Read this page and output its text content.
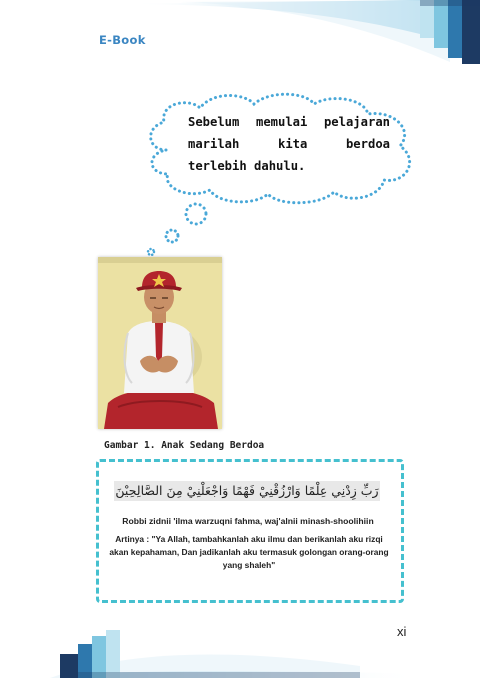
E-Book
Sebelum memulai pelajaran marilah kita berdoa terlebih dahulu.
Gambar 1. Anak Sedang Berdoa
رَبِّ زِدْنِي عِلْمًا وَارْزُقْنِيْ فَهْمًا وَاجْعَلْنِيْ مِنَ الصَّالِحِيْنَ
Robbi zidnii 'ilma warzuqni fahma, waj'alnii minash-shoolihiin
Artinya : "Ya Allah, tambahkanlah aku ilmu dan berikanlah aku rizqi akan kepahaman, Dan jadikanlah aku termasuk golongan orang-orang yang shaleh"
xi
